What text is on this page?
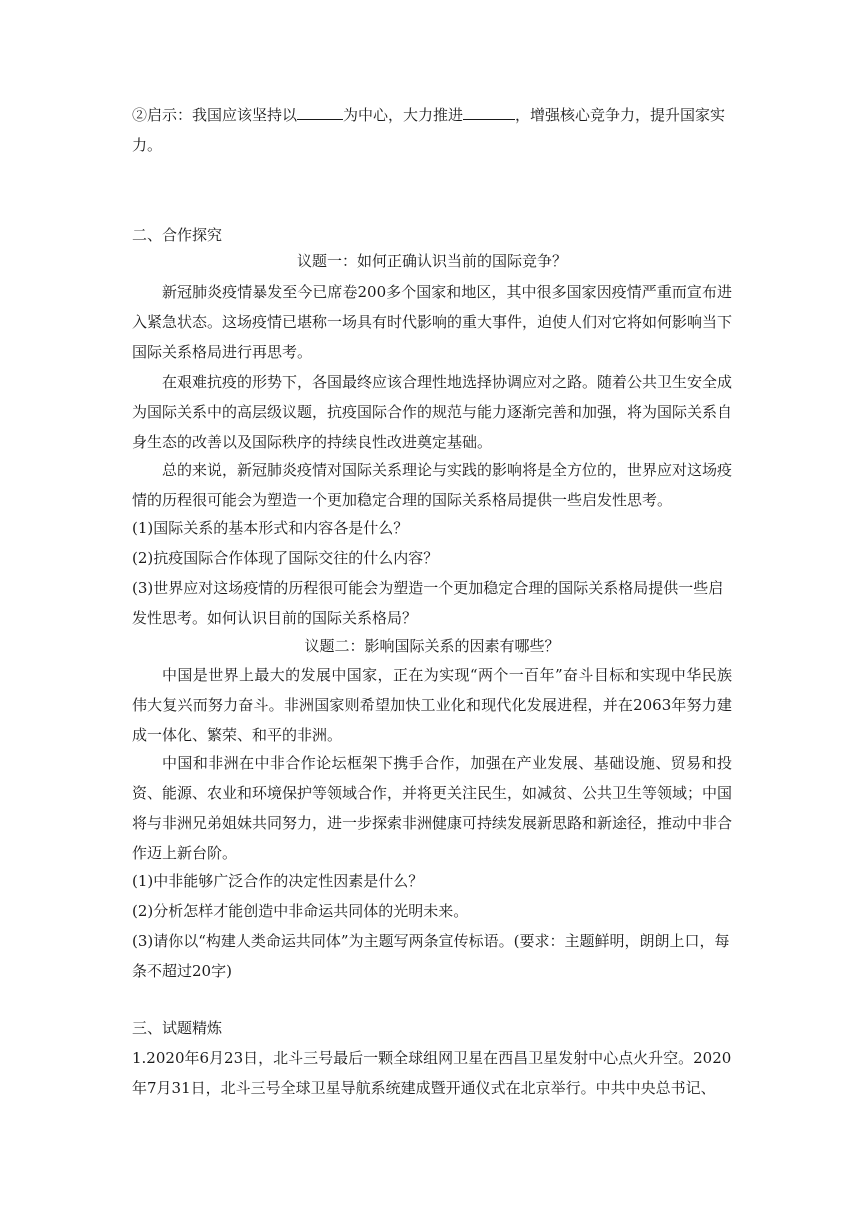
②启示：我国应该坚持以	为中心，大力推进	，增强核心竞争力，提升国家实力。

二、合作探究

议题一：如何正确认识当前的国际竞争？

新冠肺炎疫情暴发至今已席卷200多个国家和地区，其中很多国家因疫情严重而宣布进入紧急状态。这场疫情已堪称一场具有时代影响的重大事件，迫使人们对它将如何影响当下国际关系格局进行再思考。

在艰难抗疫的形势下，各国最终应该合理性地选择协调应对之路。随着公共卫生安全成为国际关系中的高层级议题，抗疫国际合作的规范与能力逐渐完善和加强，将为国际关系自身生态的改善以及国际秩序的持续良性改进奠定基础。

总的来说，新冠肺炎疫情对国际关系理论与实践的影响将是全方位的，世界应对这场疫情的历程很可能会为塑造一个更加稳定合理的国际关系格局提供一些启发性思考。

(1)国际关系的基本形式和内容各是什么？

(2)抗疫国际合作体现了国际交往的什么内容？

(3)世界应对这场疫情的历程很可能会为塑造一个更加稳定合理的国际关系格局提供一些启发性思考。如何认识目前的国际关系格局？

议题二：影响国际关系的因素有哪些？

中国是世界上最大的发展中国家，正在为实现“两个一百年”奋斗目标和实现中华民族伟大复兴而努力奋斗。非洲国家则希望加快工业化和现代化发展进程，并在2063年努力建成一体化、繁荣、和平的非洲。

中国和非洲在中非合作论坛框架下携手合作，加强在产业发展、基础设施、贸易和投资、能源、农业和环境保护等领域合作，并将更关注民生，如减贫、公共卫生等领域；中国将与非洲兄弟姐妹共同努力，进一步探索非洲健康可持续发展新思路和新途径，推动中非合作迈上新台阶。

(1)中非能够广泛合作的决定性因素是什么？

(2)分析怎样才能创造中非命运共同体的光明未来。

(3)请你以“构建人类命运共同体”为主题写两条宣传标语。(要求：主题鲜明，朗朗上口，每条不超过20字)

三、试题精炼

1.2020年6月23日，北斗三号最后一颗全球组网卫星在西昌卫星发射中心点火升空。2020年7月31日，北斗三号全球卫星导航系统建成暨开通仪式在北京举行。中共中央总书记、
